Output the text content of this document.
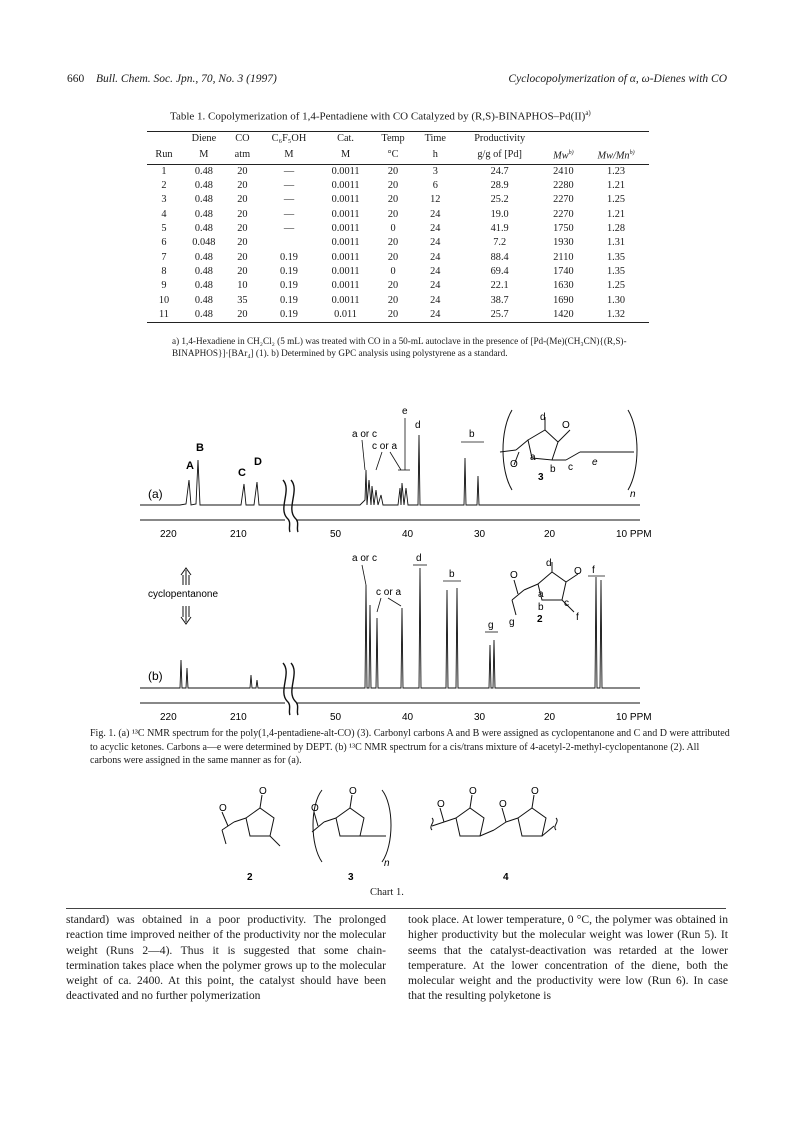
660 Bull. Chem. Soc. Jpn., 70, No. 3 (1997)	Cyclocopolymerization of α, ω-Dienes with CO
Table 1. Copolymerization of 1,4-Pentadiene with CO Catalyzed by (R,S)-BINAPHOS–Pd(II)$^{a)}$
	Diene	CO	C₆F₅OH	Cat.	Temp	Time	Productivity		
Run	M	atm	M	M	°C	h	g/g of [Pd]	Mw$^{b)}$	Mw/Mn$^{b)}$
1	0.48	20	—	0.0011	20	3	24.7	2410	1.23
2	0.48	20	—	0.0011	20	6	28.9	2280	1.21
3	0.48	20	—	0.0011	20	12	25.2	2270	1.25
4	0.48	20	—	0.0011	20	24	19.0	2270	1.21
5	0.48	20	—	0.0011	0	24	41.9	1750	1.28
6	0.048	20		0.0011	20	24	7.2	1930	1.31
7	0.48	20	0.19	0.0011	20	24	88.4	2110	1.35
8	0.48	20	0.19	0.0011	0	24	69.4	1740	1.35
9	0.48	10	0.19	0.0011	20	24	22.1	1630	1.25
10	0.48	35	0.19	0.0011	20	24	38.7	1690	1.30
11	0.48	20	0.19	0.011	20	24	25.7	1420	1.32
a) 1,4-Hexadiene in CH₂Cl₂ (5 mL) was treated with CO in a 50-mL autoclave in the presence of [Pd-(Me)(CH₃CN){(R,S)-BINAPHOS}]·[BAr₄] (1). b) Determined by GPC analysis using polystyrene as a standard.
(a)
A
B
C
D
a or c
c or a
e
d
b
d
a
b c e
O
O
n
3
220	210	50	40	30	20	10 PPM
cyclopentanone
(b)
a or c
c or a
d
b
g
f
O	O
d
a
b c
f
g 2
220	210	50	40	30	20	10 PPM
Fig. 1. (a) ¹³C NMR spectrum for the poly(1,4-pentadiene-alt-CO) (3). Carbonyl carbons A and B were assigned as cyclopentanone and C and D were attributed to acyclic ketones. Carbons a—e were determined by DEPT. (b) ¹³C NMR spectrum for a cis/trans mixture of 4-acetyl-2-methyl-cyclopentanone (2). All carbons were assigned in the same manner as for (a).
O
O
2
O
O
n
3
O
O
O
O
4
Chart 1.
standard) was obtained in a poor productivity. The prolonged reaction time improved neither of the productivity nor the molecular weight (Runs 2—4). Thus it is suggested that some chain-termination takes place when the polymer grows up to the molecular weight of ca. 2400. At this point, the catalyst should have been deactivated and no further polymerization
took place. At lower temperature, 0 °C, the polymer was obtained in higher productivity but the molecular weight was lower (Run 5). It seems that the catalyst-deactivation was retarded at the lower temperature. At the lower concentration of the diene, both the molecular weight and the productivity were low (Run 6). In case that the resulting polyketone is
